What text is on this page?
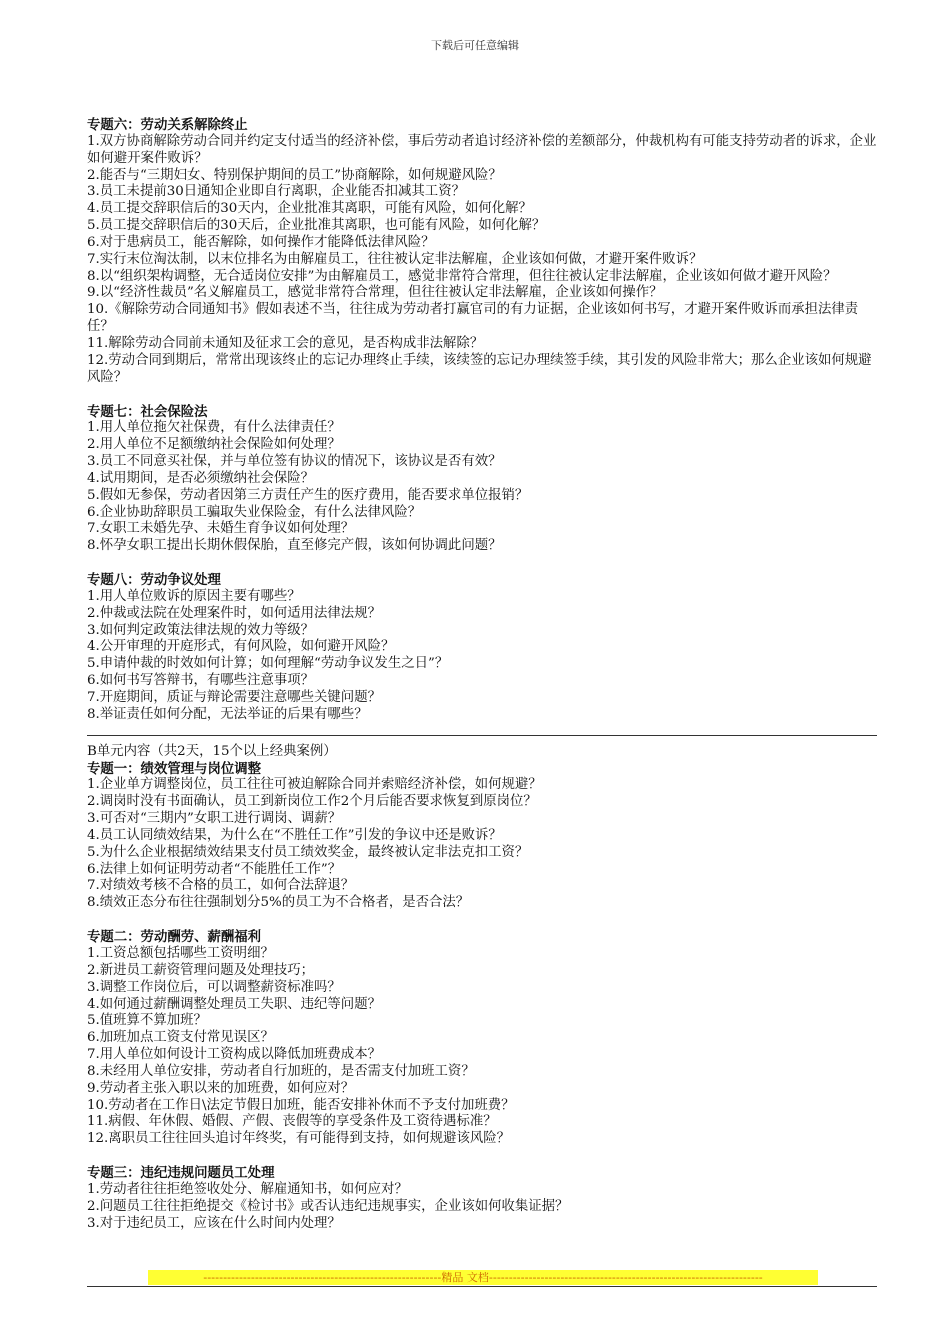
下载后可任意编辑
专题六：劳动关系解除终止
1.双方协商解除劳动合同并约定支付适当的经济补偿，事后劳动者追讨经济补偿的差额部分，仲裁机构有可能支持劳动者的诉求，企业如何避开案件败诉？
2.能否与“三期妇女、特别保护期间的员工”协商解除，如何规避风险？
3.员工未提前30日通知企业即自行离职，企业能否扣减其工资？
4.员工提交辞职信后的30天内，企业批准其离职，可能有风险，如何化解？
5.员工提交辞职信后的30天后，企业批准其离职，也可能有风险，如何化解？
6.对于患病员工，能否解除，如何操作才能降低法律风险？
7.实行末位淘汰制，以末位排名为由解雇员工，往往被认定非法解雇，企业该如何做，才避开案件败诉？
8.以“组织架构调整，无合适岗位安排”为由解雇员工，感觉非常符合常理，但往往被认定非法解雇，企业该如何做才避开风险？
9.以“经济性裁员”名义解雇员工，感觉非常符合常理，但往往被认定非法解雇，企业该如何操作？
10.《解除劳动合同通知书》假如表述不当，往往成为劳动者打赢官司的有力证据，企业该如何书写，才避开案件败诉而承担法律责任？
11.解除劳动合同前未通知及征求工会的意见，是否构成非法解除？
12.劳动合同到期后，常常出现该终止的忘记办理终止手续，该续签的忘记办理续签手续，其引发的风险非常大；那么企业该如何规避风险？
专题七：社会保险法
1.用人单位拖欠社保费，有什么法律责任？
2.用人单位不足额缴纳社会保险如何处理？
3.员工不同意买社保，并与单位签有协议的情况下，该协议是否有效？
4.试用期间，是否必须缴纳社会保险？
5.假如无参保，劳动者因第三方责任产生的医疗费用，能否要求单位报销？
6.企业协助辞职员工骗取失业保险金，有什么法律风险？
7.女职工未婚先孕、未婚生育争议如何处理？
8.怀孕女职工提出长期休假保胎，直至修完产假，该如何协调此问题？
专题八：劳动争议处理
1.用人单位败诉的原因主要有哪些？
2.仲裁或法院在处理案件时，如何适用法律法规？
3.如何判定政策法律法规的效力等级？
4.公开审理的开庭形式，有何风险，如何避开风险？
5.申请仲裁的时效如何计算；如何理解“劳动争议发生之日”？
6.如何书写答辩书，有哪些注意事项？
7.开庭期间，质证与辩论需要注意哪些关键问题？
8.举证责任如何分配，无法举证的后果有哪些？
B单元内容（共2天，15个以上经典案例）
专题一：绩效管理与岗位调整
1.企业单方调整岗位，员工往往可被迫解除合同并索赔经济补偿，如何规避？
2.调岗时没有书面确认，员工到新岗位工作2个月后能否要求恢复到原岗位？
3.可否对“三期内”女职工进行调岗、调薪？
4.员工认同绩效结果，为什么在“不胜任工作”引发的争议中还是败诉？
5.为什么企业根据绩效结果支付员工绩效奖金，最终被认定非法克扣工资？
6.法律上如何证明劳动者“不能胜任工作”？
7.对绩效考核不合格的员工，如何合法辞退？
8.绩效正态分布往往强制划分5%的员工为不合格者，是否合法？
专题二：劳动酬劳、薪酬福利
1.工资总额包括哪些工资明细？
2.新进员工薪资管理问题及处理技巧；
3.调整工作岗位后，可以调整薪资标准吗？
4.如何通过薪酬调整处理员工失职、违纪等问题？
5.值班算不算加班？
6.加班加点工资支付常见误区？
7.用人单位如何设计工资构成以降低加班费成本？
8.未经用人单位安排，劳动者自行加班的，是否需支付加班工资？
9.劳动者主张入职以来的加班费，如何应对？
10.劳动者在工作日\法定节假日加班，能否安排补休而不予支付加班费？
11.病假、年休假、婚假、产假、丧假等的享受条件及工资待遇标准？
12.离职员工往往回头追讨年终奖，有可能得到支持，如何规避该风险？
专题三：违纪违规问题员工处理
1.劳动者往往拒绝签收处分、解雇通知书，如何应对？
2.问题员工往往拒绝提交《检讨书》或否认违纪违规事实，企业该如何收集证据？
3.对于违纪员工，应该在什么时间内处理？
------------------------------------------------------------精品 文档---------------------------------------------------------------------
